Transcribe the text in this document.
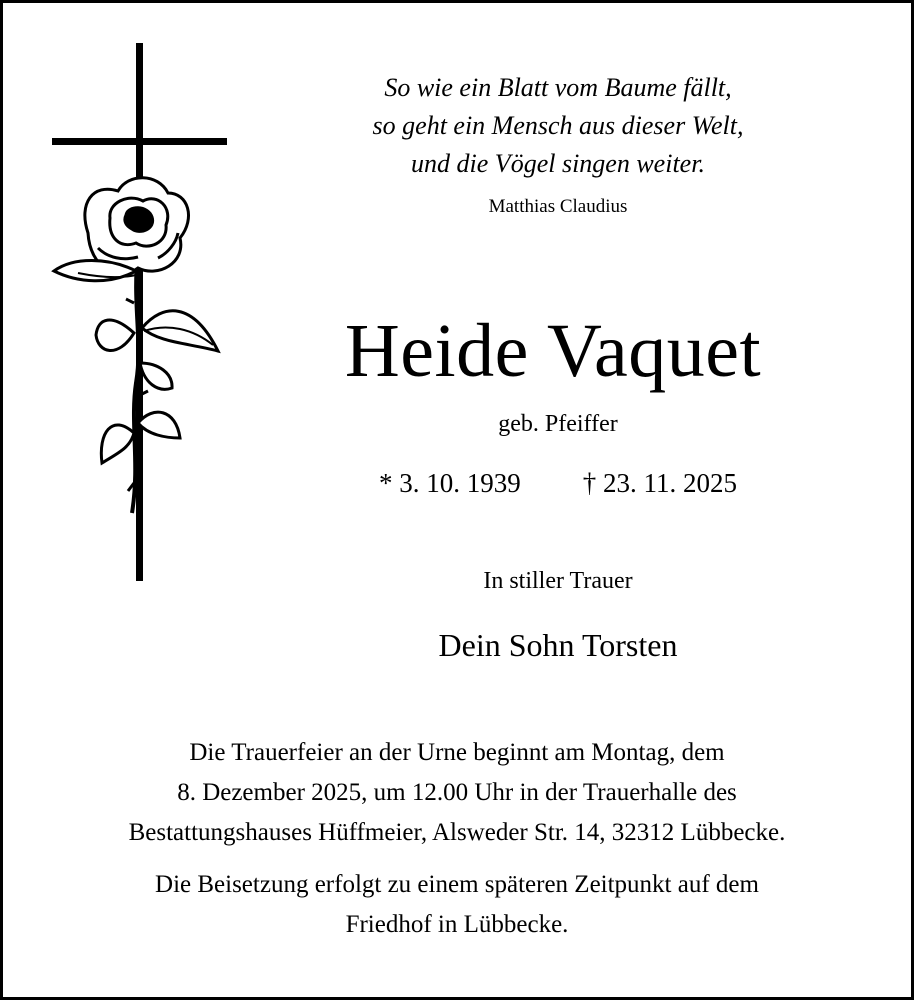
So wie ein Blatt vom Baume fällt,
so geht ein Mensch aus dieser Welt,
und die Vögel singen weiter.
Matthias Claudius
Heide Vaquet
geb. Pfeiffer
* 3. 10. 1939 † 23. 11. 2025
In stiller Trauer
Dein Sohn Torsten
Die Trauerfeier an der Urne beginnt am Montag, dem
8. Dezember 2025, um 12.00 Uhr in der Trauerhalle des
Bestattungshauses Hüffmeier, Alsweder Str. 14, 32312 Lübbecke.
Die Beisetzung erfolgt zu einem späteren Zeitpunkt auf dem
Friedhof in Lübbecke.
